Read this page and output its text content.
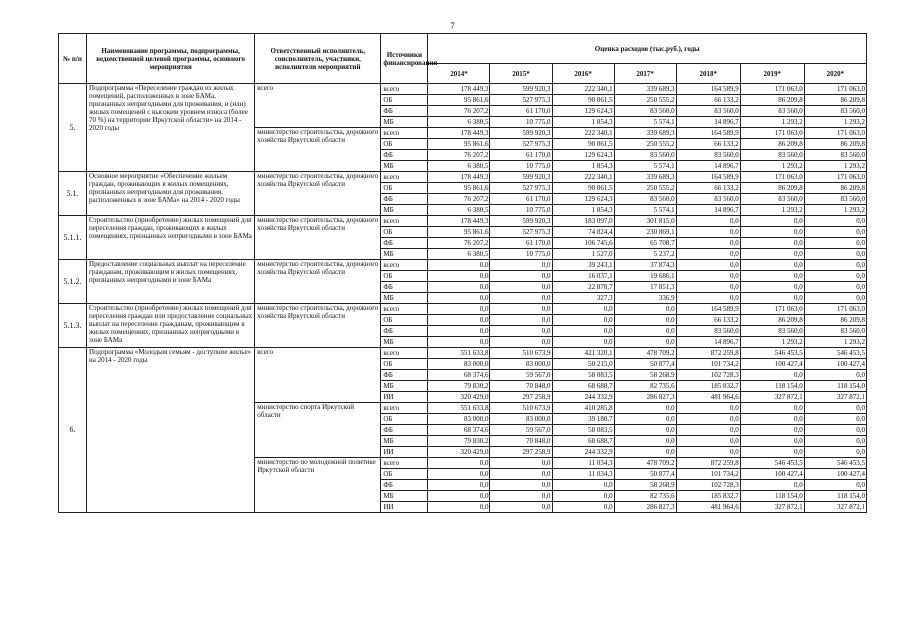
7
№ п/п	Наименование программы, подпрограммы, ведомственной целевой программы, основного мероприятия	Ответственный исполнитель, соисполнитель, участники, исполнители мероприятий	Источники финансирования	Оценка расходов (тыс.руб.), годы						
				2014*	2015*	2016*	2017*	2018*	2019*	2020*
5.	Подпрограмма «Переселение граждан из жилых помещений, расположенных в зоне БАМа, признанных непригодными для проживания, и (или) жилых помещений с высоким уровнем износа (более 70 %) на территории Иркутской области» на 2014 - 2020 годы	всего	всего	178 449,3	599 920,3	222 340,1	339 689,3	164 589,9	171 063,0	171 063,0
			ОБ	95 861,6	527 975,3	90 861,5	250 555,2	66 133,2	86 209,8	86 209,8
			ФБ	76 207,2	61 170,0	129 624,3	83 560,0	83 560,0	83 560,0	83 560,0
			МБ	6 380,5	10 775,0	1 854,3	5 574,1	14 896,7	1 293,2	1 293,2
		министерство строительства, дорожного хозяйства Иркутской области	всего	178 449,3	599 920,3	222 340,1	339 689,3	164 589,9	171 063,0	171 063,0
			ОБ	95 861,6	527 975,3	90 861,5	250 555,2	66 133,2	86 209,8	86 209,8
			ФБ	76 207,2	61 170,0	129 624,3	83 560,0	83 560,0	83 560,0	83 560,0
			МБ	6 380,5	10 775,0	1 854,3	5 574,1	14 896,7	1 293,2	1 293,2
5.1.	Основное мероприятие «Обеспечение жильем граждан, проживающих в жилых помещениях, признанных непригодными для проживания, расположенных в зоне БАМа» на 2014 - 2020 годы	министерство строительства, дорожного хозяйства Иркутской области	всего	178 449,3	599 920,3	222 340,1	339 689,3	164 589,9	171 063,0	171 063,0
			ОБ	95 861,6	527 975,3	90 861,5	250 555,2	66 133,2	86 209,8	86 209,8
			ФБ	76 207,2	61 170,0	129 624,3	83 560,0	83 560,0	83 560,0	83 560,0
			МБ	6 380,5	10 775,0	1 854,3	5 574,1	14 896,7	1 293,2	1 293,2
5.1.1.	Строительство (приобретение) жилых помещений для переселения граждан, проживающих в жилых помещениях, признанных непригодными в зоне БАМа	министерство строительства, дорожного хозяйства Иркутской области	всего	178 449,3	599 920,3	183 097,0	301 815,0	0,0	0,0	0,0
			ОБ	95 861,6	527 975,3	74 824,4	230 869,1	0,0	0,0	0,0
			ФБ	76 207,2	61 170,0	106 745,6	65 708,7	0,0	0,0	0,0
			МБ	6 380,5	10 775,0	1 527,0	5 237,2	0,0	0,0	0,0
5.1.2.	Предоставление социальных выплат на переселение гражданам, проживающим в жилых помещениях, признанных непригодными в зоне БАМа	министерство строительства, дорожного хозяйства Иркутской области	всего	0,0	0,0	39 243,1	37 874,3	0,0	0,0	0,0
			ОБ	0,0	0,0	16 037,1	19 686,1	0,0	0,0	0,0
			ФБ	0,0	0,0	22 878,7	17 851,3	0,0	0,0	0,0
			МБ	0,0	0,0	327,3	336,9	0,0	0,0	0,0
5.1.3.	Строительство (приобретение) жилых помещений для переселения граждан или предоставление социальных выплат на переселение гражданам, проживающим в жилых помещениях, признанных непригодными в зоне БАМа	министерство строительства, дорожного хозяйства Иркутской области	всего	0,0	0,0	0,0	0,0	164 589,9	171 063,0	171 063,0
			ОБ	0,0	0,0	0,0	0,0	66 133,2	86 209,8	86 209,8
			ФБ	0,0	0,0	0,0	0,0	83 560,0	83 560,0	83 560,0
			МБ	0,0	0,0	0,0	0,0	14 896,7	1 293,2	1 293,2
6.	Подпрограмма «Молодым семьям - доступное жилье» на 2014 - 2020 годы	всего	всего	551 633,8	510 673,9	421 320,1	478 709,2	872 259,8	546 453,5	546 453,5
			ОБ	83 000,0	83 000,0	50 215,0	50 877,4	101 734,2	100 427,4	100 427,4
			ФБ	68 374,6	59 567,0	58 083,5	58 268,9	102 728,3	0,0	0,0
			МБ	79 830,2	70 848,0	68 688,7	82 735,6	185 832,7	118 154,0	118 154,0
			ИИ	320 429,0	297 258,9	244 332,9	286 827,3	481 964,6	327 872,1	327 872,1
		министерство спорта Иркутской области	всего	551 633,8	510 673,9	410 285,8	0,0	0,0	0,0	0,0
			ОБ	83 000,0	83 000,0	39 180,7	0,0	0,0	0,0	0,0
			ФБ	68 374,6	59 567,0	58 083,5	0,0	0,0	0,0	0,0
			МБ	79 830,2	70 848,0	68 688,7	0,0	0,0	0,0	0,0
			ИИ	320 429,0	297 258,9	244 332,9	0,0	0,0	0,0	0,0
		министерство по молодежной политике Иркутской области	всего	0,0	0,0	11 034,3	478 709,2	872 259,8	546 453,5	546 453,5
			ОБ	0,0	0,0	11 034,3	50 877,4	101 734,2	100 427,4	100 427,4
			ФБ	0,0	0,0	0,0	58 268,9	102 728,3	0,0	0,0
			МБ	0,0	0,0	0,0	82 735,6	185 832,7	118 154,0	118 154,0
			ИИ	0,0	0,0	0,0	286 827,3	481 964,6	327 872,1	327 872,1
